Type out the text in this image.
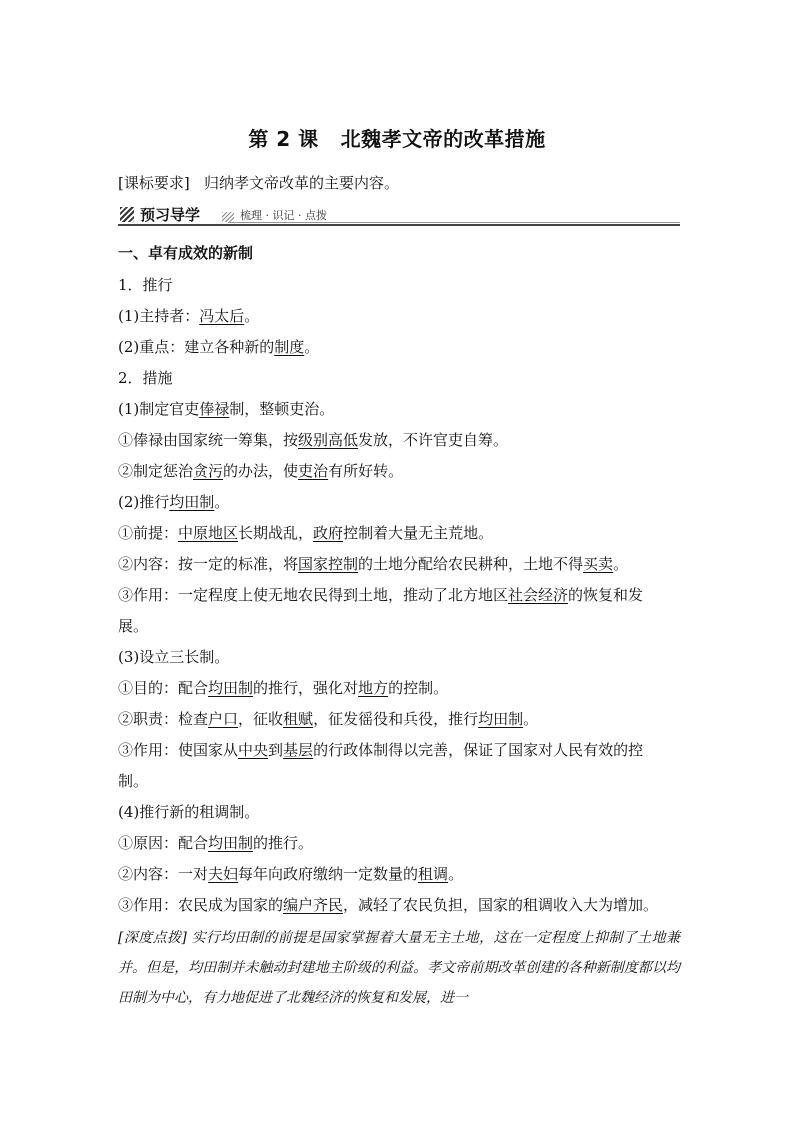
第 2 课 北魏孝文帝的改革措施
[课标要求] 归纳孝文帝改革的主要内容。
预习导学	梳理 · 识记 · 点拨
一、卓有成效的新制
1．推行
(1)主持者：冯太后。
(2)重点：建立各种新的制度。
2．措施
(1)制定官吏俸禄制，整顿吏治。
①俸禄由国家统一筹集，按级别高低发放，不许官吏自筹。
②制定惩治贪污的办法，使吏治有所好转。
(2)推行均田制。
①前提：中原地区长期战乱，政府控制着大量无主荒地。
②内容：按一定的标准，将国家控制的土地分配给农民耕种，土地不得买卖。
③作用：一定程度上使无地农民得到土地，推动了北方地区社会经济的恢复和发
展。
(3)设立三长制。
①目的：配合均田制的推行，强化对地方的控制。
②职责：检查户口，征收租赋，征发徭役和兵役，推行均田制。
③作用：使国家从中央到基层的行政体制得以完善，保证了国家对人民有效的控
制。
(4)推行新的租调制。
①原因：配合均田制的推行。
②内容：一对夫妇每年向政府缴纳一定数量的租调。
③作用：农民成为国家的编户齐民，减轻了农民负担，国家的租调收入大为增加。
[深度点拨] 实行均田制的前提是国家掌握着大量无主土地，这在一定程度上抑制了土地兼并。但是，均田制并未触动封建地主阶级的利益。孝文帝前期改革创建的各种新制度都以均田制为中心，有力地促进了北魏经济的恢复和发展，进一
